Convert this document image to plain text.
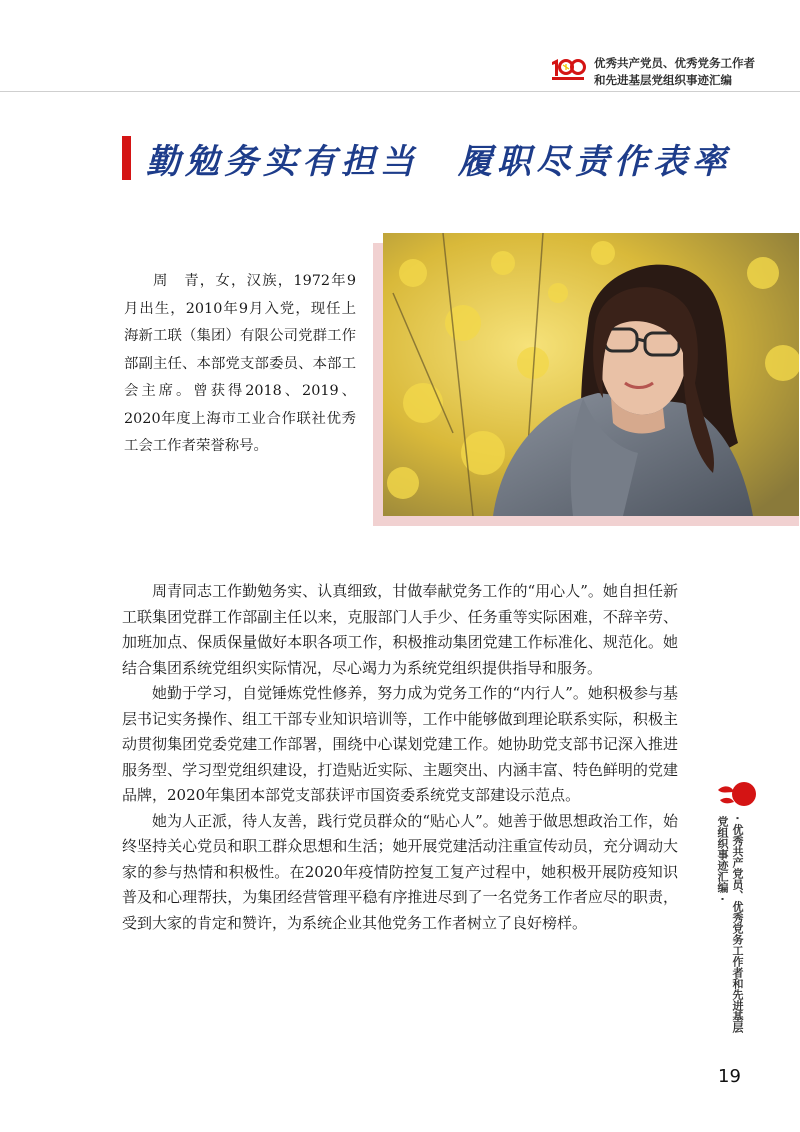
优秀共产党员、优秀党务工作者
和先进基层党组织事迹汇编
勤勉务实有担当　履职尽责作表率
周　青，女，汉族，1972年9月出生，2010年9月入党，现任上海新工联（集团）有限公司党群工作部副主任、本部党支部委员、本部工会主席。曾获得2018、2019、2020年度上海市工业合作联社优秀工会工作者荣誉称号。

周青同志工作勤勉务实、认真细致，甘做奉献党务工作的“用心人”。她自担任新工联集团党群工作部副主任以来，克服部门人手少、任务重等实际困难，不辞辛劳、加班加点、保质保量做好本职各项工作，积极推动集团党建工作标准化、规范化。她结合集团系统党组织实际情况，尽心竭力为系统党组织提供指导和服务。

她勤于学习，自觉锤炼党性修养，努力成为党务工作的“内行人”。她积极参与基层书记实务操作、组工干部专业知识培训等，工作中能够做到理论联系实际，积极主动贯彻集团党委党建工作部署，围绕中心谋划党建工作。她协助党支部书记深入推进服务型、学习型党组织建设，打造贴近实际、主题突出、内涵丰富、特色鲜明的党建品牌，2020年集团本部党支部获评市国资委系统党支部建设示范点。

她为人正派，待人友善，践行党员群众的“贴心人”。她善于做思想政治工作，始终坚持关心党员和职工群众思想和生活；她开展党建活动注重宣传动员，充分调动大家的参与热情和积极性。在2020年疫情防控复工复产过程中，她积极开展防疫知识普及和心理帮扶，为集团经营管理平稳有序推进尽到了一名党务工作者应尽的职责，受到大家的肯定和赞许，为系统企业其他党务工作者树立了良好榜样。	· 优秀共产党员、优秀党务工作者和先进基层党组织事迹汇编 ·
19
